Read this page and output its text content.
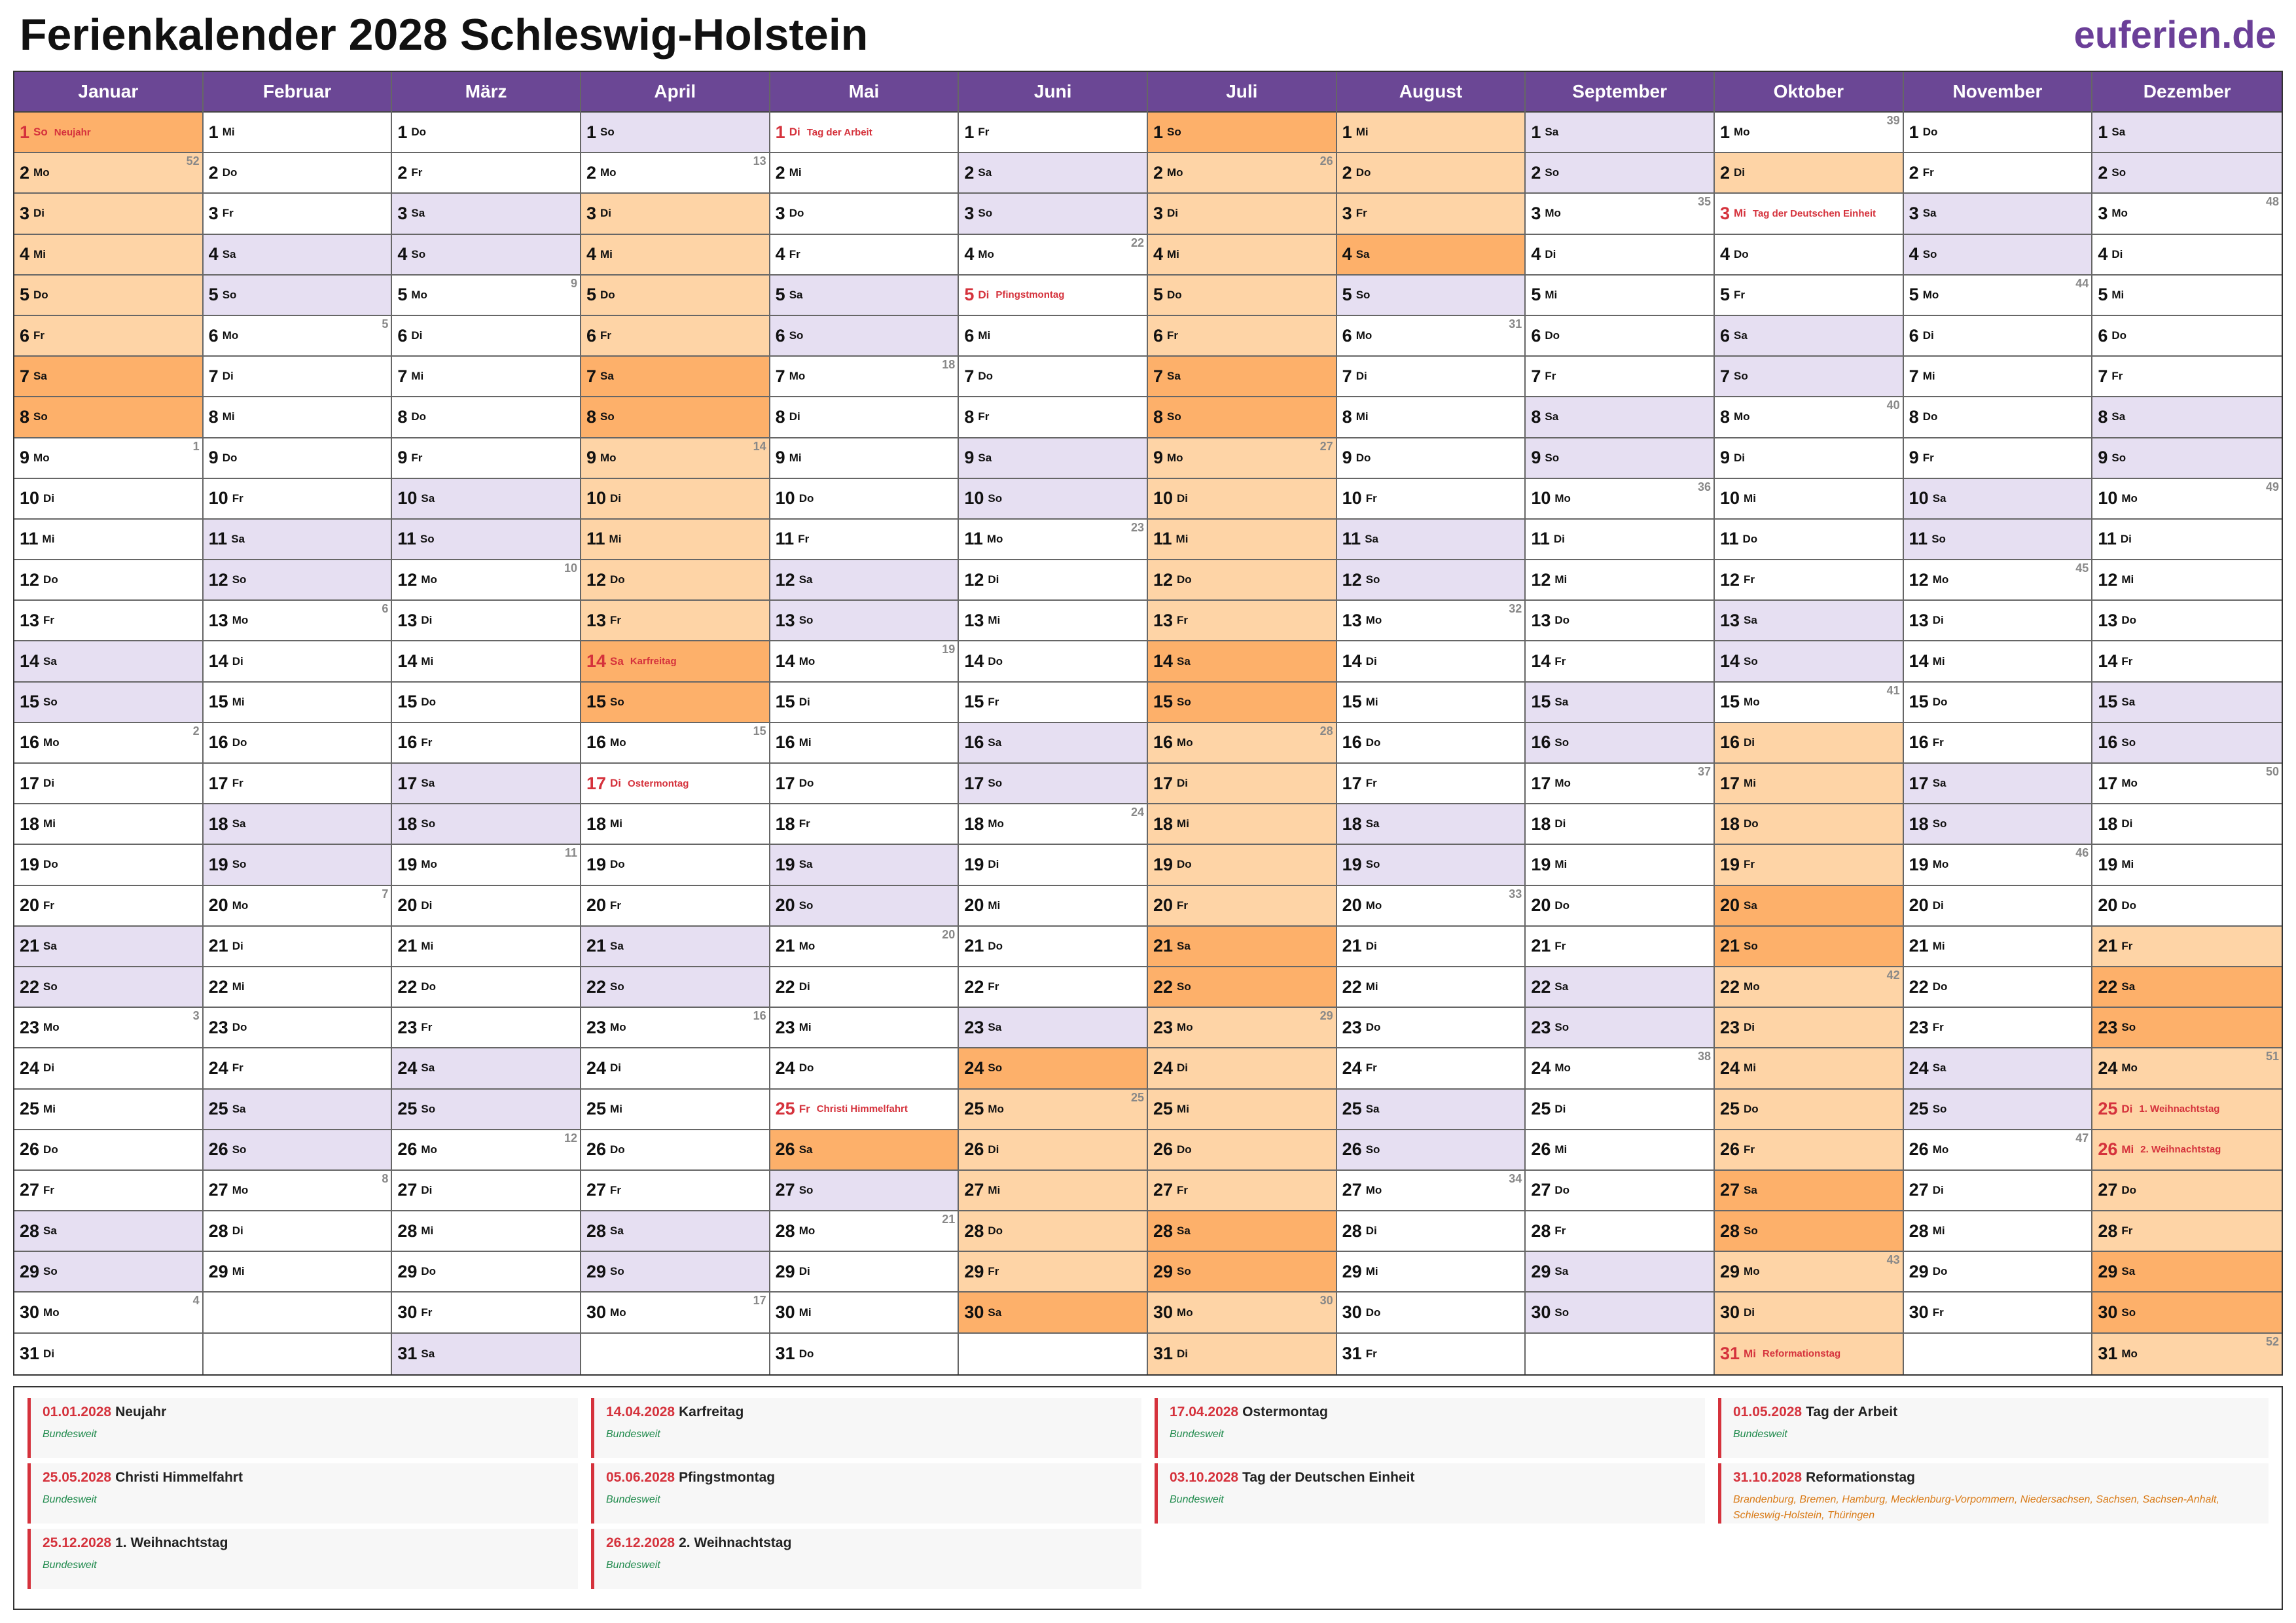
Ferienkalender 2028 Schleswig-Holstein	euferien.de
Januar
1 So Neujahr
2 Mo
52
3 Di
4 Mi
5 Do
6 Fr
7 Sa
8 So
9 Mo
1
10 Di
11 Mi
12 Do
13 Fr
14 Sa
15 So
16 Mo
2
17 Di
18 Mi
19 Do
20 Fr
21 Sa
22 So
23 Mo
3
24 Di
25 Mi
26 Do
27 Fr
28 Sa
29 So
30 Mo
4
31 Di
Februar
1 Mi
2 Do
3 Fr
4 Sa
5 So
6 Mo
5
7 Di
8 Mi
9 Do
10 Fr
11 Sa
12 So
13 Mo
6
14 Di
15 Mi
16 Do
17 Fr
18 Sa
19 So
20 Mo
7
21 Di
22 Mi
23 Do
24 Fr
25 Sa
26 So
27 Mo
8
28 Di
29 Mi
März
1 Do
2 Fr
3 Sa
4 So
5 Mo
9
6 Di
7 Mi
8 Do
9 Fr
10 Sa
11 So
12 Mo
10
13 Di
14 Mi
15 Do
16 Fr
17 Sa
18 So
19 Mo
11
20 Di
21 Mi
22 Do
23 Fr
24 Sa
25 So
26 Mo
12
27 Di
28 Mi
29 Do
30 Fr
31 Sa
April
1 So
2 Mo
13
3 Di
4 Mi
5 Do
6 Fr
7 Sa
8 So
9 Mo
14
10 Di
11 Mi
12 Do
13 Fr
14 Sa Karfreitag
15 So
16 Mo
15
17 Di Ostermontag
18 Mi
19 Do
20 Fr
21 Sa
22 So
23 Mo
16
24 Di
25 Mi
26 Do
27 Fr
28 Sa
29 So
30 Mo
17
Mai
1 Di Tag der Arbeit
2 Mi
3 Do
4 Fr
5 Sa
6 So
7 Mo
18
8 Di
9 Mi
10 Do
11 Fr
12 Sa
13 So
14 Mo
19
15 Di
16 Mi
17 Do
18 Fr
19 Sa
20 So
21 Mo
20
22 Di
23 Mi
24 Do
25 Fr Christi Himmelfahrt
26 Sa
27 So
28 Mo
21
29 Di
30 Mi
31 Do
Juni
1 Fr
2 Sa
3 So
4 Mo
22
5 Di Pfingstmontag
6 Mi
7 Do
8 Fr
9 Sa
10 So
11 Mo
23
12 Di
13 Mi
14 Do
15 Fr
16 Sa
17 So
18 Mo
24
19 Di
20 Mi
21 Do
22 Fr
23 Sa
24 So
25 Mo
25
26 Di
27 Mi
28 Do
29 Fr
30 Sa
Juli
1 So
2 Mo
26
3 Di
4 Mi
5 Do
6 Fr
7 Sa
8 So
9 Mo
27
10 Di
11 Mi
12 Do
13 Fr
14 Sa
15 So
16 Mo
28
17 Di
18 Mi
19 Do
20 Fr
21 Sa
22 So
23 Mo
29
24 Di
25 Mi
26 Do
27 Fr
28 Sa
29 So
30 Mo
30
31 Di
August
1 Mi
2 Do
3 Fr
4 Sa
5 So
6 Mo
31
7 Di
8 Mi
9 Do
10 Fr
11 Sa
12 So
13 Mo
32
14 Di
15 Mi
16 Do
17 Fr
18 Sa
19 So
20 Mo
33
21 Di
22 Mi
23 Do
24 Fr
25 Sa
26 So
27 Mo
34
28 Di
29 Mi
30 Do
31 Fr
September
1 Sa
2 So
3 Mo
35
4 Di
5 Mi
6 Do
7 Fr
8 Sa
9 So
10 Mo
36
11 Di
12 Mi
13 Do
14 Fr
15 Sa
16 So
17 Mo
37
18 Di
19 Mi
20 Do
21 Fr
22 Sa
23 So
24 Mo
38
25 Di
26 Mi
27 Do
28 Fr
29 Sa
30 So
Oktober
1 Mo
39
2 Di
3 Mi Tag der Deutschen Einheit
4 Do
5 Fr
6 Sa
7 So
8 Mo
40
9 Di
10 Mi
11 Do
12 Fr
13 Sa
14 So
15 Mo
41
16 Di
17 Mi
18 Do
19 Fr
20 Sa
21 So
22 Mo
42
23 Di
24 Mi
25 Do
26 Fr
27 Sa
28 So
29 Mo
43
30 Di
31 Mi Reformationstag
November
1 Do
2 Fr
3 Sa
4 So
5 Mo
44
6 Di
7 Mi
8 Do
9 Fr
10 Sa
11 So
12 Mo
45
13 Di
14 Mi
15 Do
16 Fr
17 Sa
18 So
19 Mo
46
20 Di
21 Mi
22 Do
23 Fr
24 Sa
25 So
26 Mo
47
27 Di
28 Mi
29 Do
30 Fr
Dezember
1 Sa
2 So
3 Mo
48
4 Di
5 Mi
6 Do
7 Fr
8 Sa
9 So
10 Mo
49
11 Di
12 Mi
13 Do
14 Fr
15 Sa
16 So
17 Mo
50
18 Di
19 Mi
20 Do
21 Fr
22 Sa
23 So
24 Mo
51
25 Di 1. Weihnachtstag
26 Mi 2. Weihnachtstag
27 Do
28 Fr
29 Sa
30 So
31 Mo
52
01.01.2028 Neujahr
Bundesweit
14.04.2028 Karfreitag
Bundesweit
17.04.2028 Ostermontag
Bundesweit
01.05.2028 Tag der Arbeit
Bundesweit
25.05.2028 Christi Himmelfahrt
Bundesweit
05.06.2028 Pfingstmontag
Bundesweit
03.10.2028 Tag der Deutschen Einheit
Bundesweit
31.10.2028 Reformationstag
Brandenburg, Bremen, Hamburg, Mecklenburg-Vorpommern, Niedersachsen, Sachsen, Sachsen-Anhalt, Schleswig-Holstein, Thüringen
25.12.2028 1. Weihnachtstag
Bundesweit
26.12.2028 2. Weihnachtstag
Bundesweit
